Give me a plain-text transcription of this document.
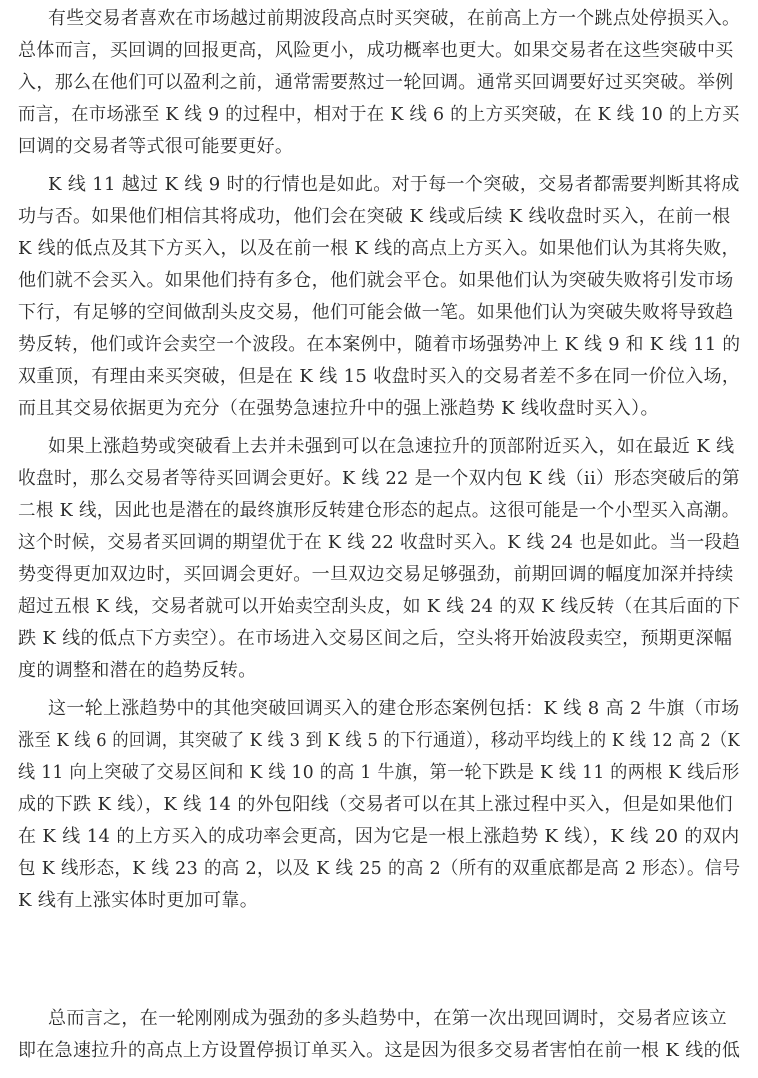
有些交易者喜欢在市场越过前期波段高点时买突破，在前高上方一个跳点处停损买入。
总体而言，买回调的回报更高，风险更小，成功概率也更大。如果交易者在这些突破中买
入，那么在他们可以盈利之前，通常需要熬过一轮回调。通常买回调要好过买突破。举例
而言，在市场涨至 K 线 9 的过程中，相对于在 K 线 6 的上方买突破，在 K 线 10 的上方买
回调的交易者等式很可能要更好。
K 线 11 越过 K 线 9 时的行情也是如此。对于每一个突破，交易者都需要判断其将成
功与否。如果他们相信其将成功，他们会在突破 K 线或后续 K 线收盘时买入，在前一根
K 线的低点及其下方买入，以及在前一根 K 线的高点上方买入。如果他们认为其将失败，
他们就不会买入。如果他们持有多仓，他们就会平仓。如果他们认为突破失败将引发市场
下行，有足够的空间做刮头皮交易，他们可能会做一笔。如果他们认为突破失败将导致趋
势反转，他们或许会卖空一个波段。在本案例中，随着市场强势冲上 K 线 9 和 K 线 11 的
双重顶，有理由来买突破，但是在 K 线 15 收盘时买入的交易者差不多在同一价位入场，
而且其交易依据更为充分（在强势急速拉升中的强上涨趋势 K 线收盘时买入）。
如果上涨趋势或突破看上去并未强到可以在急速拉升的顶部附近买入，如在最近 K 线
收盘时，那么交易者等待买回调会更好。K 线 22 是一个双内包 K 线（ii）形态突破后的第
二根 K 线，因此也是潜在的最终旗形反转建仓形态的起点。这很可能是一个小型买入高潮。
这个时候，交易者买回调的期望优于在 K 线 22 收盘时买入。K 线 24 也是如此。当一段趋
势变得更加双边时，买回调会更好。一旦双边交易足够强劲，前期回调的幅度加深并持续
超过五根 K 线，交易者就可以开始卖空刮头皮，如 K 线 24 的双 K 线反转（在其后面的下
跌 K 线的低点下方卖空）。在市场进入交易区间之后，空头将开始波段卖空，预期更深幅
度的调整和潜在的趋势反转。
这一轮上涨趋势中的其他突破回调买入的建仓形态案例包括：K 线 8 高 2 牛旗（市场
涨至 K 线 6 的回调，其突破了 K 线 3 到 K 线 5 的下行通道），移动平均线上的 K 线 12 高 2（K
线 11 向上突破了交易区间和 K 线 10 的高 1 牛旗，第一轮下跌是 K 线 11 的两根 K 线后形
成的下跌 K 线），K 线 14 的外包阳线（交易者可以在其上涨过程中买入，但是如果他们
在 K 线 14 的上方买入的成功率会更高，因为它是一根上涨趋势 K 线），K 线 20 的双内
包 K 线形态，K 线 23 的高 2，以及 K 线 25 的高 2（所有的双重底都是高 2 形态）。信号
K 线有上涨实体时更加可靠。
总而言之，在一轮刚刚成为强劲的多头趋势中，在第一次出现回调时，交易者应该立
即在急速拉升的高点上方设置停损订单买入。这是因为很多交易者害怕在前一根 K 线的低
